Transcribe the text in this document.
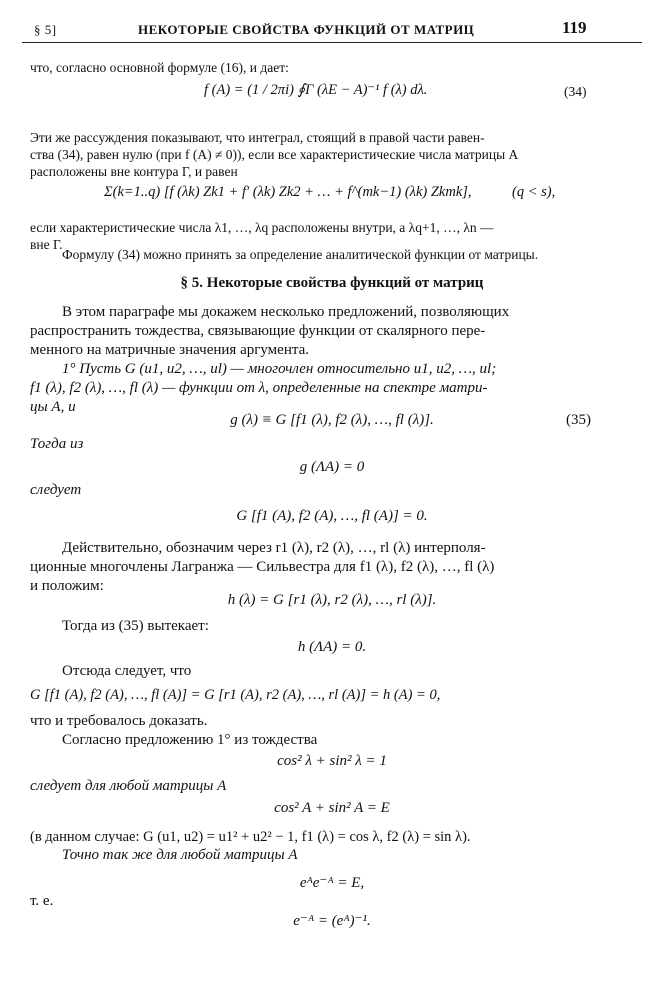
§ 5]	НЕКОТОРЫЕ СВОЙСТВА ФУНКЦИЙ ОТ МАТРИЦ	119
что, согласно основной формуле (16), и дает:
f (A) = (1 / 2πi) ∮Γ (λE − A)⁻¹ f (λ) dλ.	(34)
Эти же рассуждения показывают, что интеграл, стоящий в правой части равен-
ства (34), равен нулю (при f (A) ≠ 0)), если все характеристические числа матрицы A
расположены вне контура Γ, и равен
Σ(k=1..q) [f (λk) Zk1 + f′ (λk) Zk2 + … + f^(mk−1) (λk) Zkmk],	(q < s),
если характеристические числа λ1, …, λq расположены внутри, а λq+1, …, λn —
вне Γ.
Формулу (34) можно принять за определение аналитической функции от матрицы.
§ 5. Некоторые свойства функций от матриц
В этом параграфе мы докажем несколько предложений, позволяющих
распространить тождества, связывающие функции от скалярного пере-
менного на матричные значения аргумента.
1° Пусть G (u1, u2, …, ul) — многочлен относительно u1, u2, …, ul;
f1 (λ), f2 (λ), …, fl (λ) — функции от λ, определенные на спектре матри-
цы A, и
g (λ) ≡ G [f1 (λ), f2 (λ), …, fl (λ)].	(35)
Тогда из
g (ΛA) = 0
следует
G [f1 (A), f2 (A), …, fl (A)] = 0.
Действительно, обозначим через r1 (λ), r2 (λ), …, rl (λ) интерполя-
ционные многочлены Лагранжа — Сильвестра для f1 (λ), f2 (λ), …, fl (λ)
и положим:
h (λ) = G [r1 (λ), r2 (λ), …, rl (λ)].
Тогда из (35) вытекает:
h (ΛA) = 0.
Отсюда следует, что
G [f1 (A), f2 (A), …, fl (A)] = G [r1 (A), r2 (A), …, rl (A)] = h (A) = 0,
что и требовалось доказать.
Согласно предложению 1° из тождества
cos² λ + sin² λ = 1
следует для любой матрицы A
cos² A + sin² A = E
(в данном случае: G (u1, u2) = u1² + u2² − 1, f1 (λ) = cos λ, f2 (λ) = sin λ).
Точно так же для любой матрицы A
eᴬe⁻ᴬ = E,
т. е.
e⁻ᴬ = (eᴬ)⁻¹.
